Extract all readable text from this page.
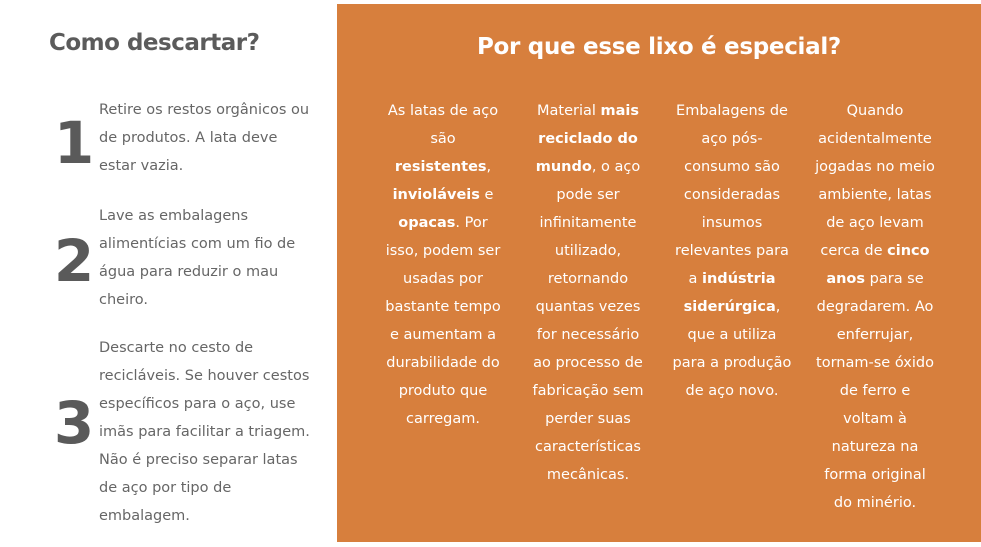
Como descartar?
1 Retire os restos orgânicos ou de produtos. A lata deve estar vazia.

2

Lave as embalagens alimentícias com um fio de água para reduzir o mau cheiro.

3

Descarte no cesto de recicláveis. Se houver cestos específicos para o aço, use imãs para facilitar a triagem. Não é preciso separar latas de aço por tipo de embalagem.

Por que esse lixo é especial?

As latas de aço são resistentes, invioláveis e opacas. Por isso, podem ser usadas por bastante tempo e aumentam a durabilidade do produto que carregam.

Material mais reciclado do mundo, o aço pode ser infinitamente utilizado, retornando quantas vezes for necessário ao processo de fabricação sem perder suas características mecânicas.

Embalagens de aço pós-consumo são consideradas insumos relevantes para a indústria siderúrgica, que a utiliza para a produção de aço novo.

Quando acidentalmente jogadas no meio ambiente, latas de aço levam cerca de cinco anos para se degradarem. Ao enferrujar, tornam-se óxido de ferro e voltam à natureza na forma original do minério.
